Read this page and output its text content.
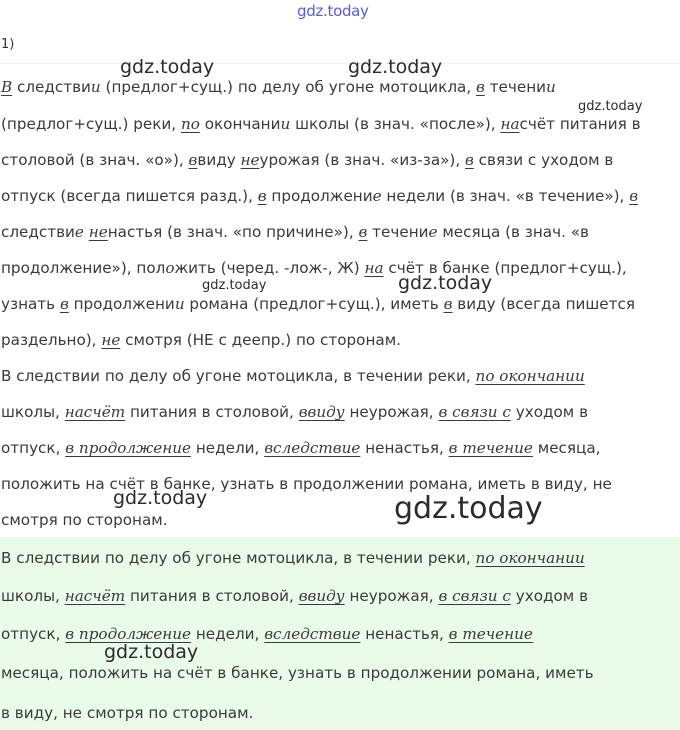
gdz.today
1)
В следствии (предлог+сущ.) по делу об угоне мотоцикла, в течении
(предлог+сущ.) реки, по окончании школы (в знач. «после»), насчёт питания в
столовой (в знач. «о»), ввиду неурожая (в знач. «из-за»), в связи с уходом в
отпуск (всегда пишется разд.), в продолжение недели (в знач. «в течение»), в
следствие ненастья (в знач. «по причине»), в течение месяца (в знач. «в
продолжение»), положить (черед. -лож-, Ж) на счёт в банке (предлог+сущ.),
узнать в продолжении романа (предлог+сущ.), иметь в виду (всегда пишется
раздельно), не смотря (НЕ с деепр.) по сторонам.
В следствии по делу об угоне мотоцикла, в течении реки, по окончании
школы, насчёт питания в столовой, ввиду неурожая, в связи с уходом в
отпуск, в продолжение недели, вследствие ненастья, в течение месяца,
положить на счёт в банке, узнать в продолжении романа, иметь в виду, не
смотря по сторонам.
В следствии по делу об угоне мотоцикла, в течении реки, по окончании
школы, насчёт питания в столовой, ввиду неурожая, в связи с уходом в
отпуск, в продолжение недели, вследствие ненастья, в течение
месяца, положить на счёт в банке, узнать в продолжении романа, иметь
в виду, не смотря по сторонам.
gdz.today	gdz.today
gdz.today
gdz.today	gdz.today
gdz.today	gdz.today
gdz.today
